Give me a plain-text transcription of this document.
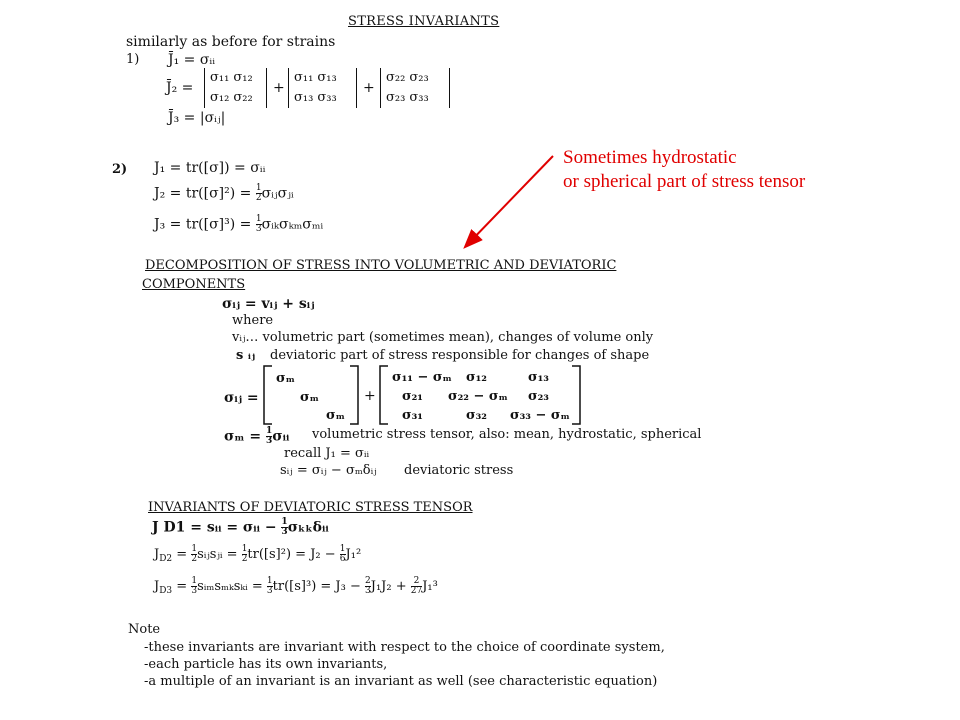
STRESS INVARIANTS
similarly as before for strains
1) J̄₁ = σᵢᵢ
J̄₂ =
σ₁₁ σ₁₂
σ₁₂ σ₂₂
+
σ₁₁ σ₁₃
σ₁₃ σ₃₃
+
σ₂₂ σ₂₃
σ₂₃ σ₃₃
J̄₃ = |σᵢⱼ|
2) J₁ = tr([σ]) = σᵢᵢ
$J_2 = tr([\sigma]^2) = \frac{1}{2}$ σᵢⱼσⱼᵢ
$J_3 = tr([\sigma]^3) = \frac{1}{3}$ σᵢₖσₖₘσₘᵢ
Sometimes hydrostatic
or spherical part of stress tensor
DECOMPOSITION OF STRESS INTO VOLUMETRIC AND DEVIATORIC
COMPONENTS
σᵢⱼ = vᵢⱼ + sᵢⱼ
where
vᵢⱼ… volumetric part (sometimes mean), changes of volume only
s ᵢⱼ deviatoric part of stress responsible for changes of shape
σᵢⱼ =
σₘ
σₘ
σₘ
+
σ₁₁ − σₘ σ₁₂	σ₁₃
σ₂₁ σ₂₂ − σₘ σ₂₃
σ₃₁	σ₃₂ σ₃₃ − σₘ
$\sigma_m = \frac{1}{3}$ σᵢᵢ volumetric stress tensor, also: mean, hydrostatic, spherical
recall J₁ = σᵢᵢ
sᵢⱼ = σᵢⱼ − σₘδᵢⱼ deviatoric stress
INVARIANTS OF DEVIATORIC STRESS TENSOR
J D1 = sᵢᵢ = σᵢᵢ − $\frac{1}{3}$ σₖₖδᵢᵢ
$J_{D2} = \frac{1}{2}$ sᵢⱼsⱼᵢ = $\frac{1}{2} tr([s]^2) = J_2 - \frac{1}{6} J_1^2$
$J_{D3} = \frac{1}{3}$ sᵢₘsₘₖsₖᵢ = $\frac{1}{3} tr([s]^3) = J_3 - \frac{2}{3} J_1J_2 + \frac{2}{27} J_1^3$
Note
-these invariants are invariant with respect to the choice of coordinate system,
-each particle has its own invariants,
-a multiple of an invariant is an invariant as well (see characteristic equation)
